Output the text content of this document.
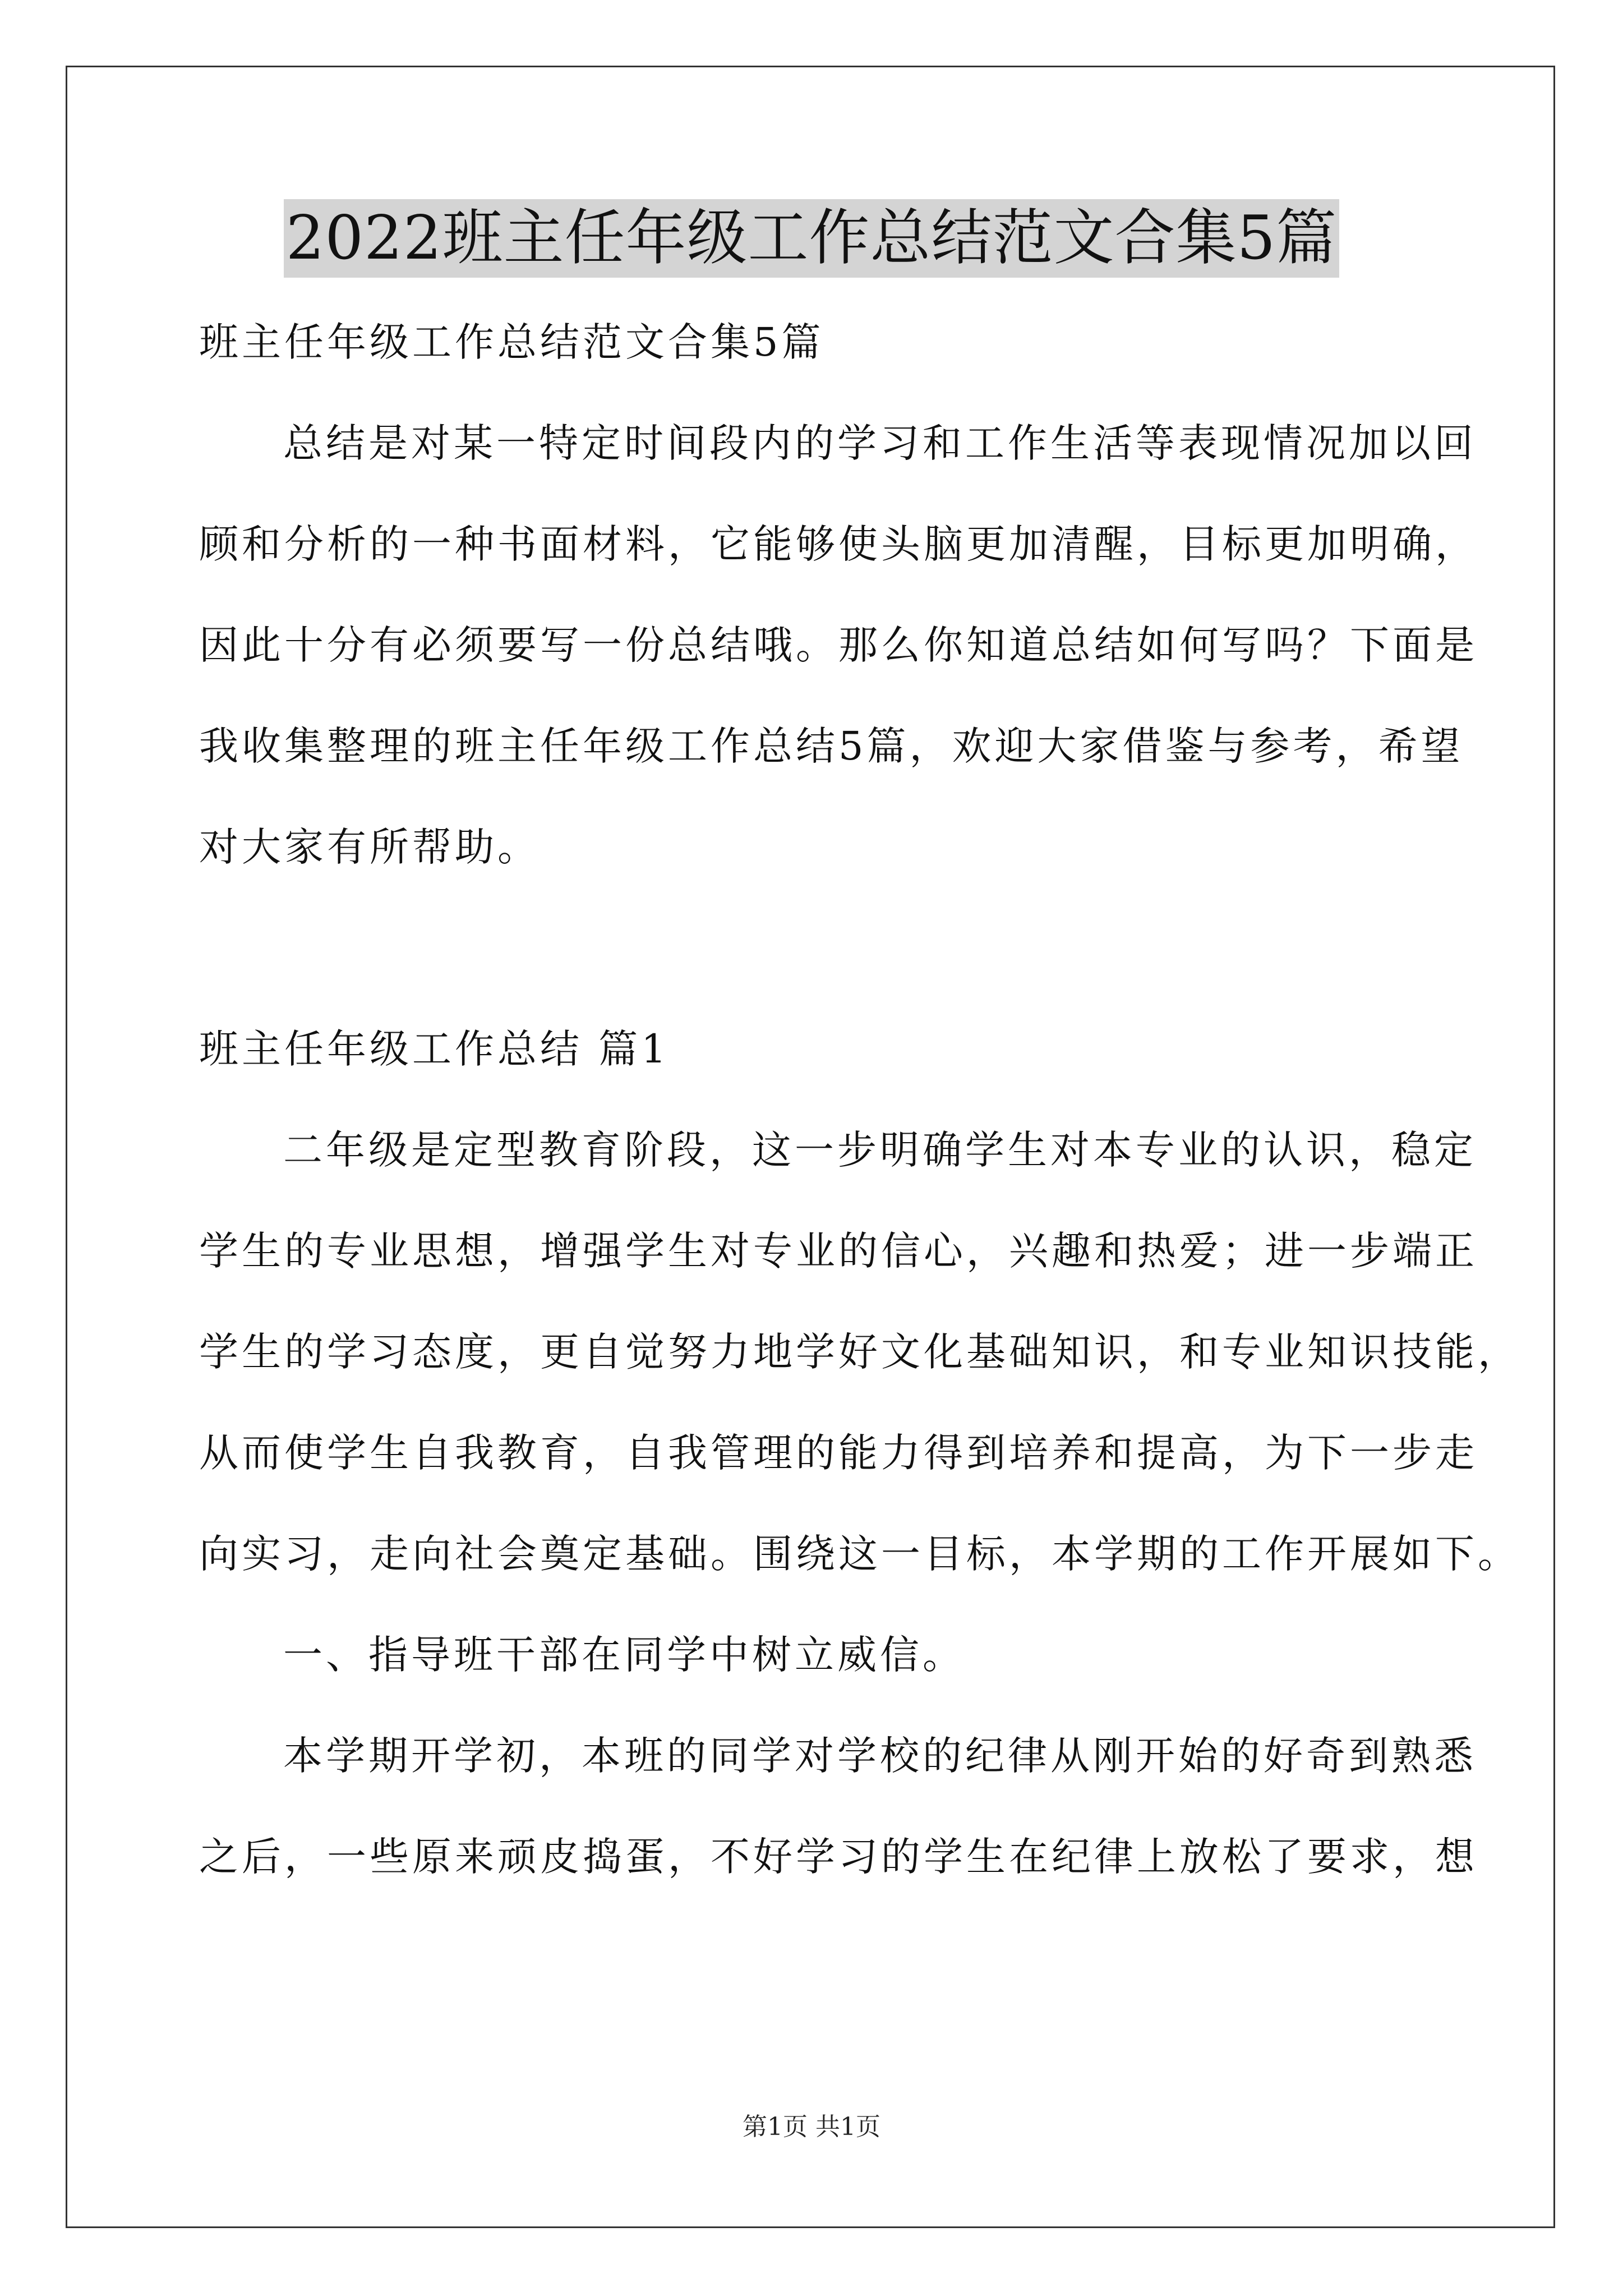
2022班主任年级工作总结范文合集5篇
班主任年级工作总结范文合集5篇
总结是对某一特定时间段内的学习和工作生活等表现情况加以回
顾和分析的一种书面材料，它能够使头脑更加清醒，目标更加明确，
因此十分有必须要写一份总结哦。那么你知道总结如何写吗？下面是
我收集整理的班主任年级工作总结5篇，欢迎大家借鉴与参考，希望
对大家有所帮助。
班主任年级工作总结 篇1
二年级是定型教育阶段，这一步明确学生对本专业的认识，稳定
学生的专业思想，增强学生对专业的信心，兴趣和热爱；进一步端正
学生的学习态度，更自觉努力地学好文化基础知识，和专业知识技能，
从而使学生自我教育，自我管理的能力得到培养和提高，为下一步走
向实习，走向社会奠定基础。围绕这一目标，本学期的工作开展如下。
一、指导班干部在同学中树立威信。
本学期开学初，本班的同学对学校的纪律从刚开始的好奇到熟悉
之后，一些原来顽皮捣蛋，不好学习的学生在纪律上放松了要求，想
第1页 共1页
